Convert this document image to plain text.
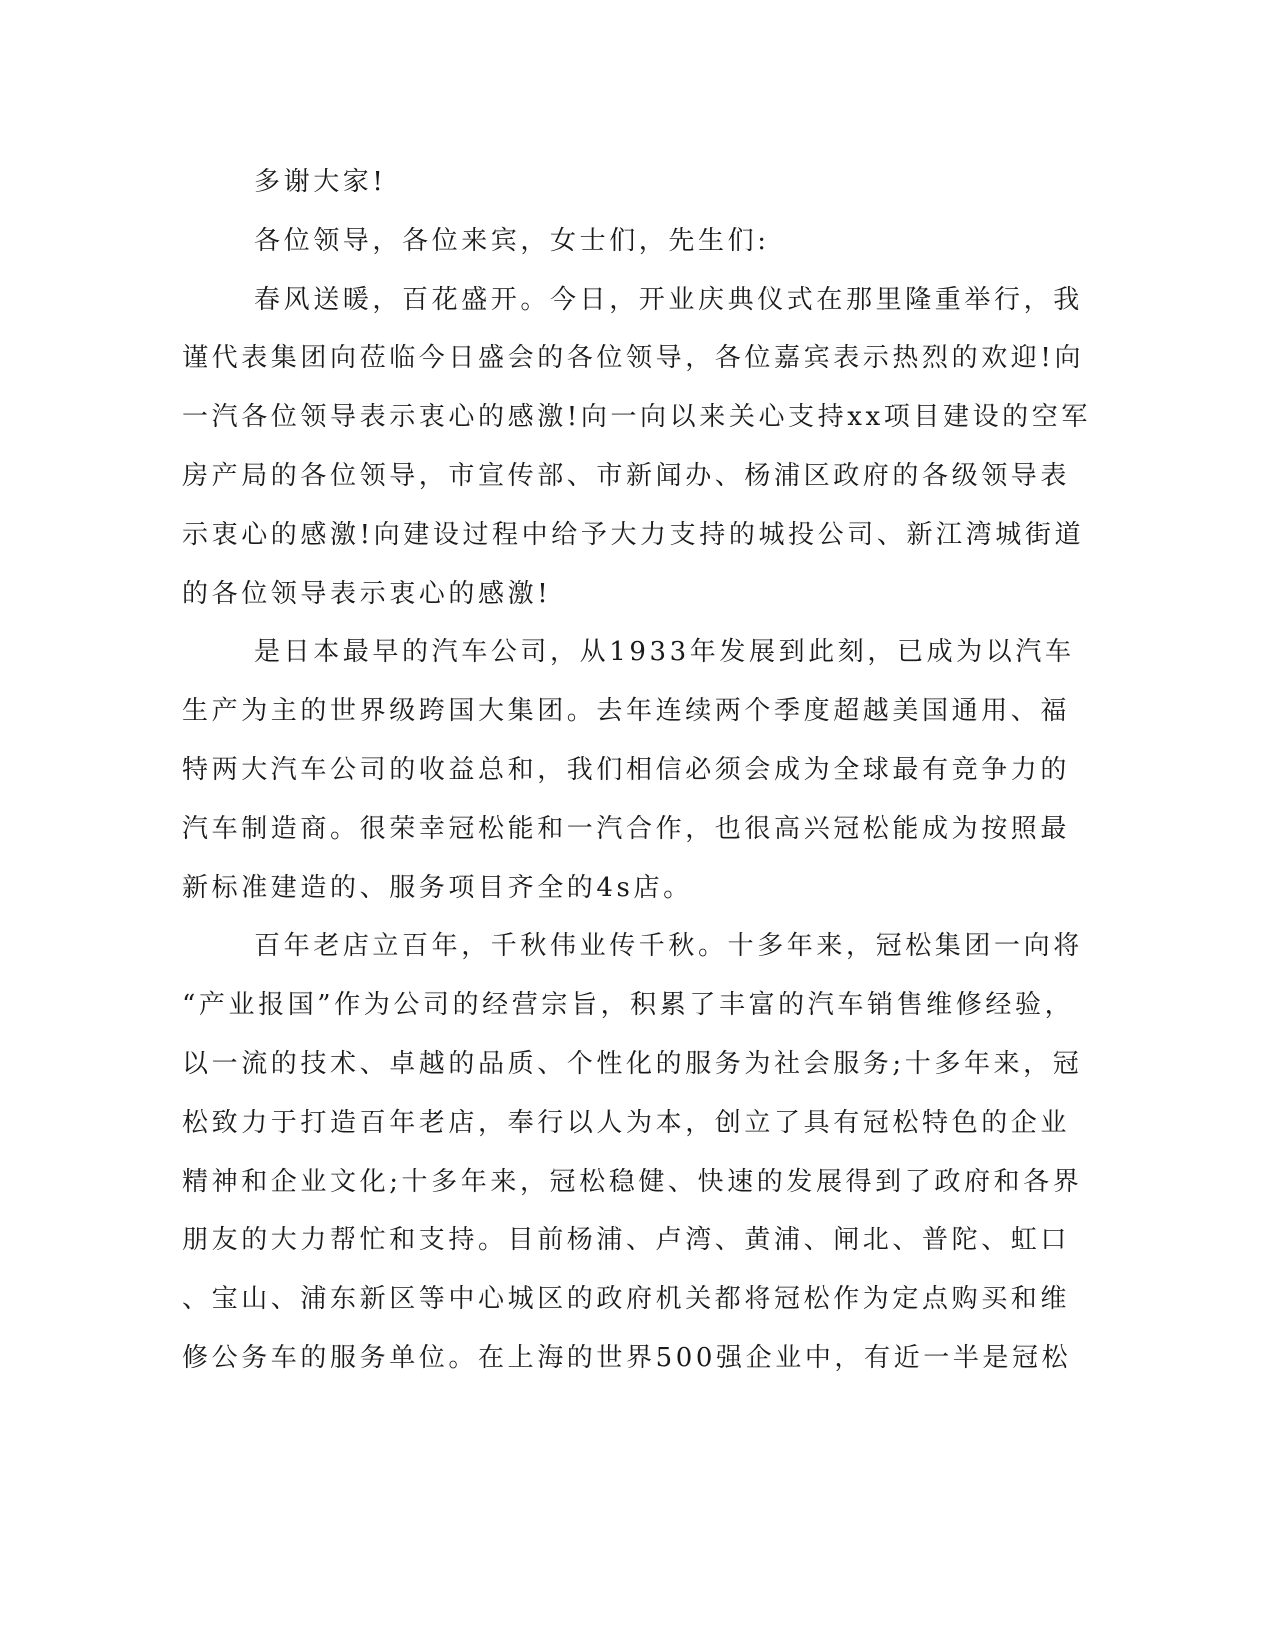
多谢大家!
各位领导，各位来宾，女士们，先生们:
春风送暖，百花盛开。今日，开业庆典仪式在那里隆重举行，我
谨代表集团向莅临今日盛会的各位领导，各位嘉宾表示热烈的欢迎!向
一汽各位领导表示衷心的感激!向一向以来关心支持xx项目建设的空军
房产局的各位领导，市宣传部、市新闻办、杨浦区政府的各级领导表
示衷心的感激!向建设过程中给予大力支持的城投公司、新江湾城街道
的各位领导表示衷心的感激!
是日本最早的汽车公司，从1933年发展到此刻，已成为以汽车
生产为主的世界级跨国大集团。去年连续两个季度超越美国通用、福
特两大汽车公司的收益总和，我们相信必须会成为全球最有竞争力的
汽车制造商。很荣幸冠松能和一汽合作，也很高兴冠松能成为按照最
新标准建造的、服务项目齐全的4s店。
百年老店立百年，千秋伟业传千秋。十多年来，冠松集团一向将
“产业报国”作为公司的经营宗旨，积累了丰富的汽车销售维修经验，
以一流的技术、卓越的品质、个性化的服务为社会服务;十多年来，冠
松致力于打造百年老店，奉行以人为本，创立了具有冠松特色的企业
精神和企业文化;十多年来，冠松稳健、快速的发展得到了政府和各界
朋友的大力帮忙和支持。目前杨浦、卢湾、黄浦、闸北、普陀、虹口
、宝山、浦东新区等中心城区的政府机关都将冠松作为定点购买和维
修公务车的服务单位。在上海的世界500强企业中，有近一半是冠松
